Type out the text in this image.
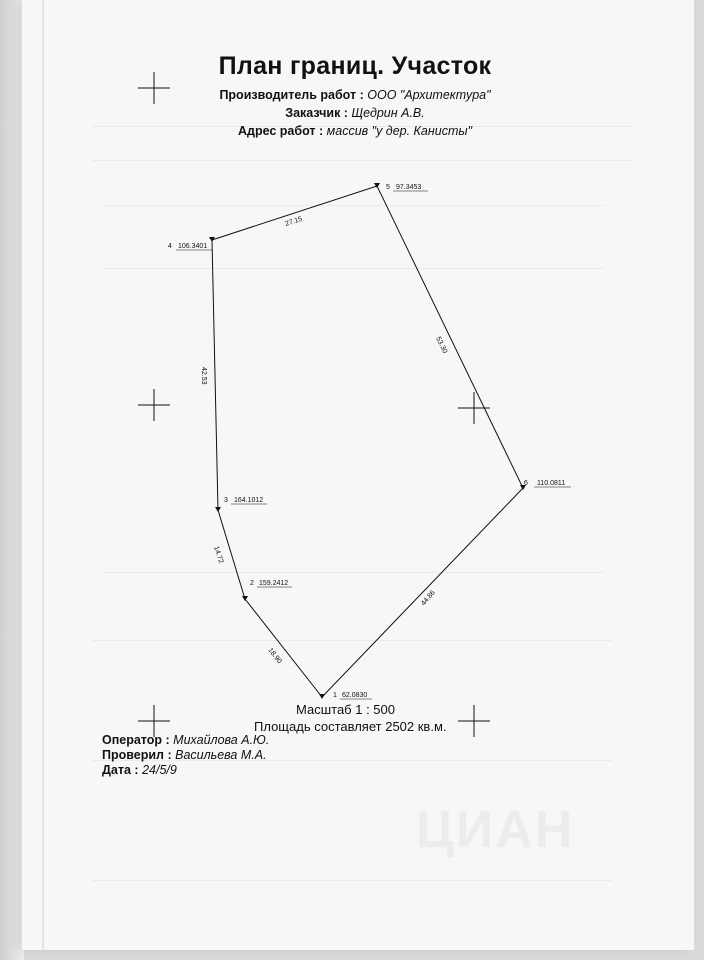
ЦИАН
План границ. Участок
Производитель работ : ООО "Архитектура"
Заказчик : Щедрин А.В.
Адрес работ : массив "у дер. Канисты"
1 62.0830
2 159.2412
3 164.1012
4 106.3401
5 97.3453
6 110.0811
27.15
53.30
42.53
14.72
18.90
44.86
Масштаб 1 : 500
Площадь составляет 2502 кв.м.
Оператор : Михайлова А.Ю.
Проверил : Васильева М.А.
Дата : 24/5/9
